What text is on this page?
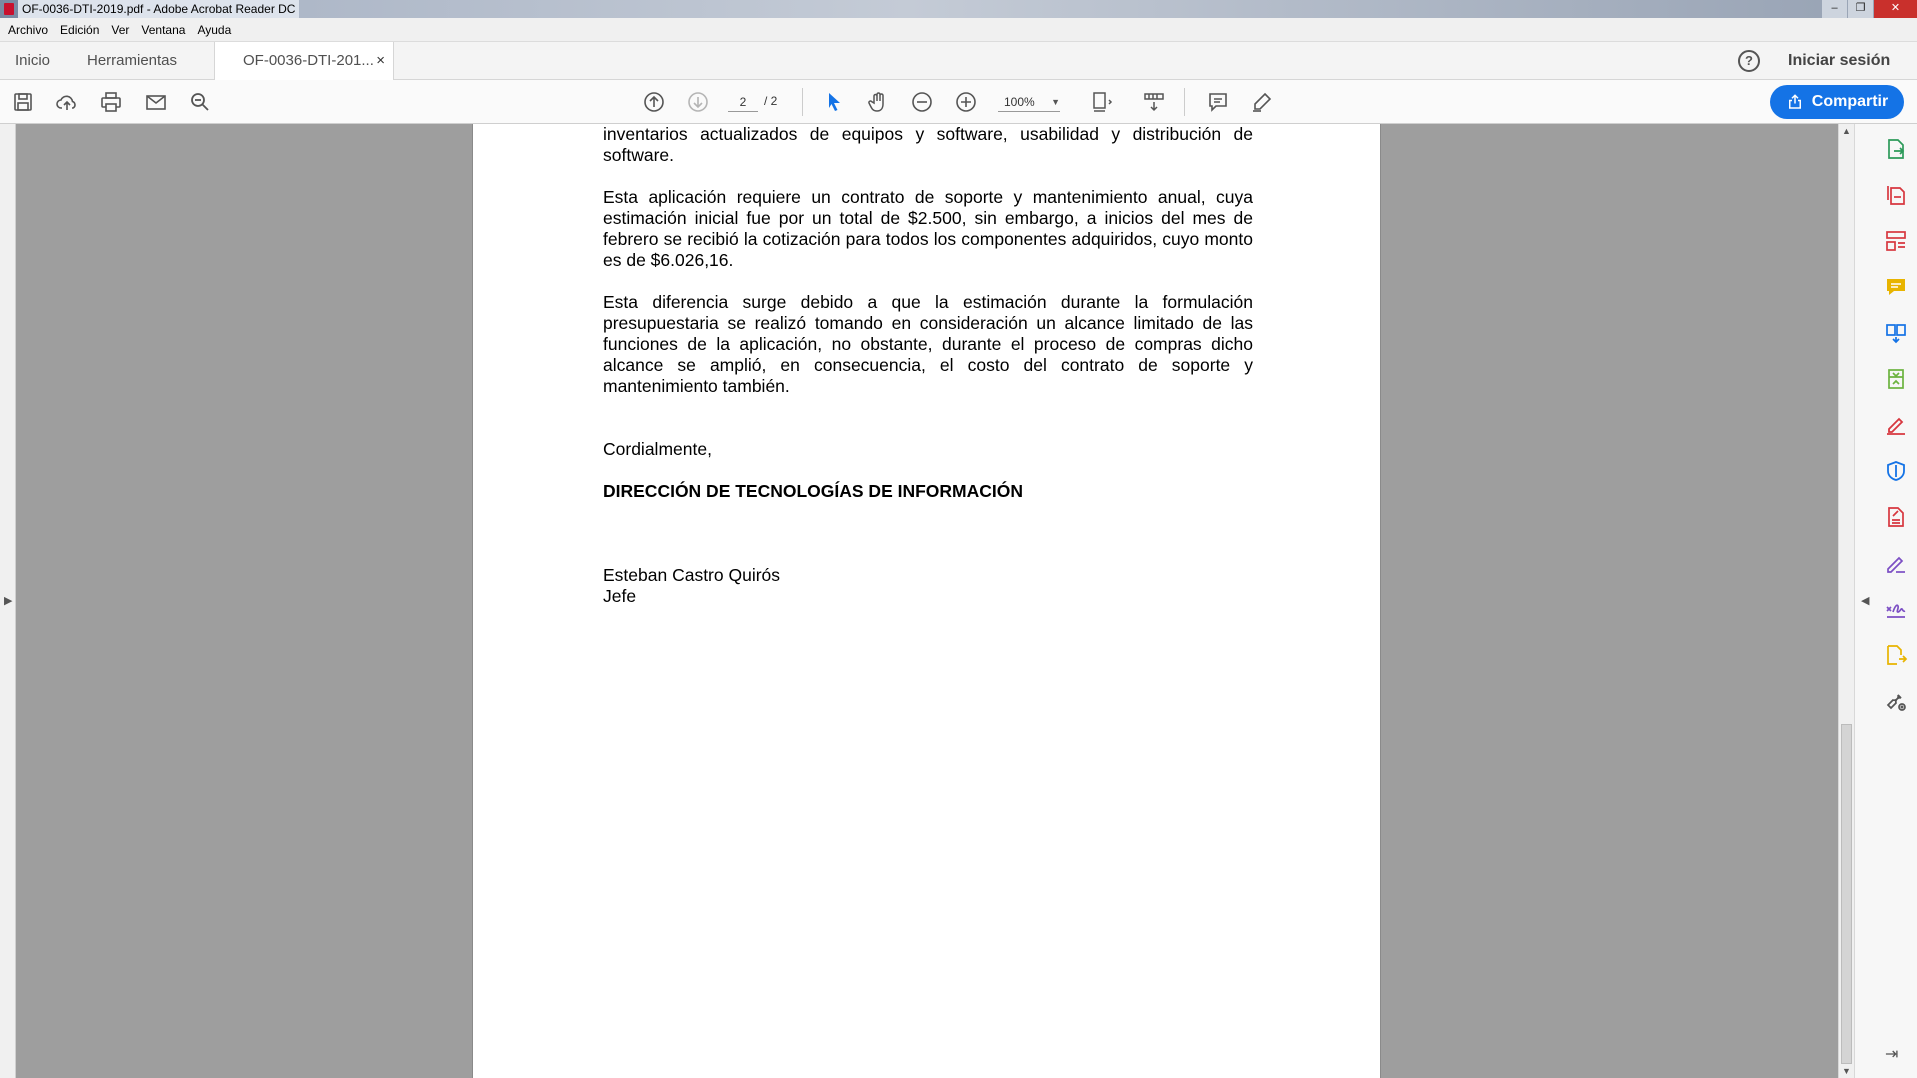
OF-0036-DTI-2019.pdf - Adobe Acrobat Reader DC	–	❐	✕
Archivo	Edición	Ver	Ventana	Ayuda
Inicio Herramientas	OF-0036-DTI-201... ×	?	Iniciar sesión
2
/ 2	100% ▼	Compartir
▶

inventarios actualizados de equipos y software, usabilidad y distribución de software.

Esta aplicación requiere un contrato de soporte y mantenimiento anual, cuya estimación inicial fue por un total de $2.500, sin embargo, a inicios del mes de febrero se recibió la cotización para todos los componentes adquiridos, cuyo monto es de $6.026,16.

Esta diferencia surge debido a que la estimación durante la formulación presupuestaria se realizó tomando en consideración un alcance limitado de las funciones de la aplicación, no obstante, durante el proceso de compras dicho alcance se amplió, en consecuencia, el costo del contrato de soporte y mantenimiento también.

Cordialmente,
DIRECCIÓN DE TECNOLOGÍAS DE INFORMACIÓN
Esteban Castro Quirós
Jefe
▲
▼
◀
⇥
